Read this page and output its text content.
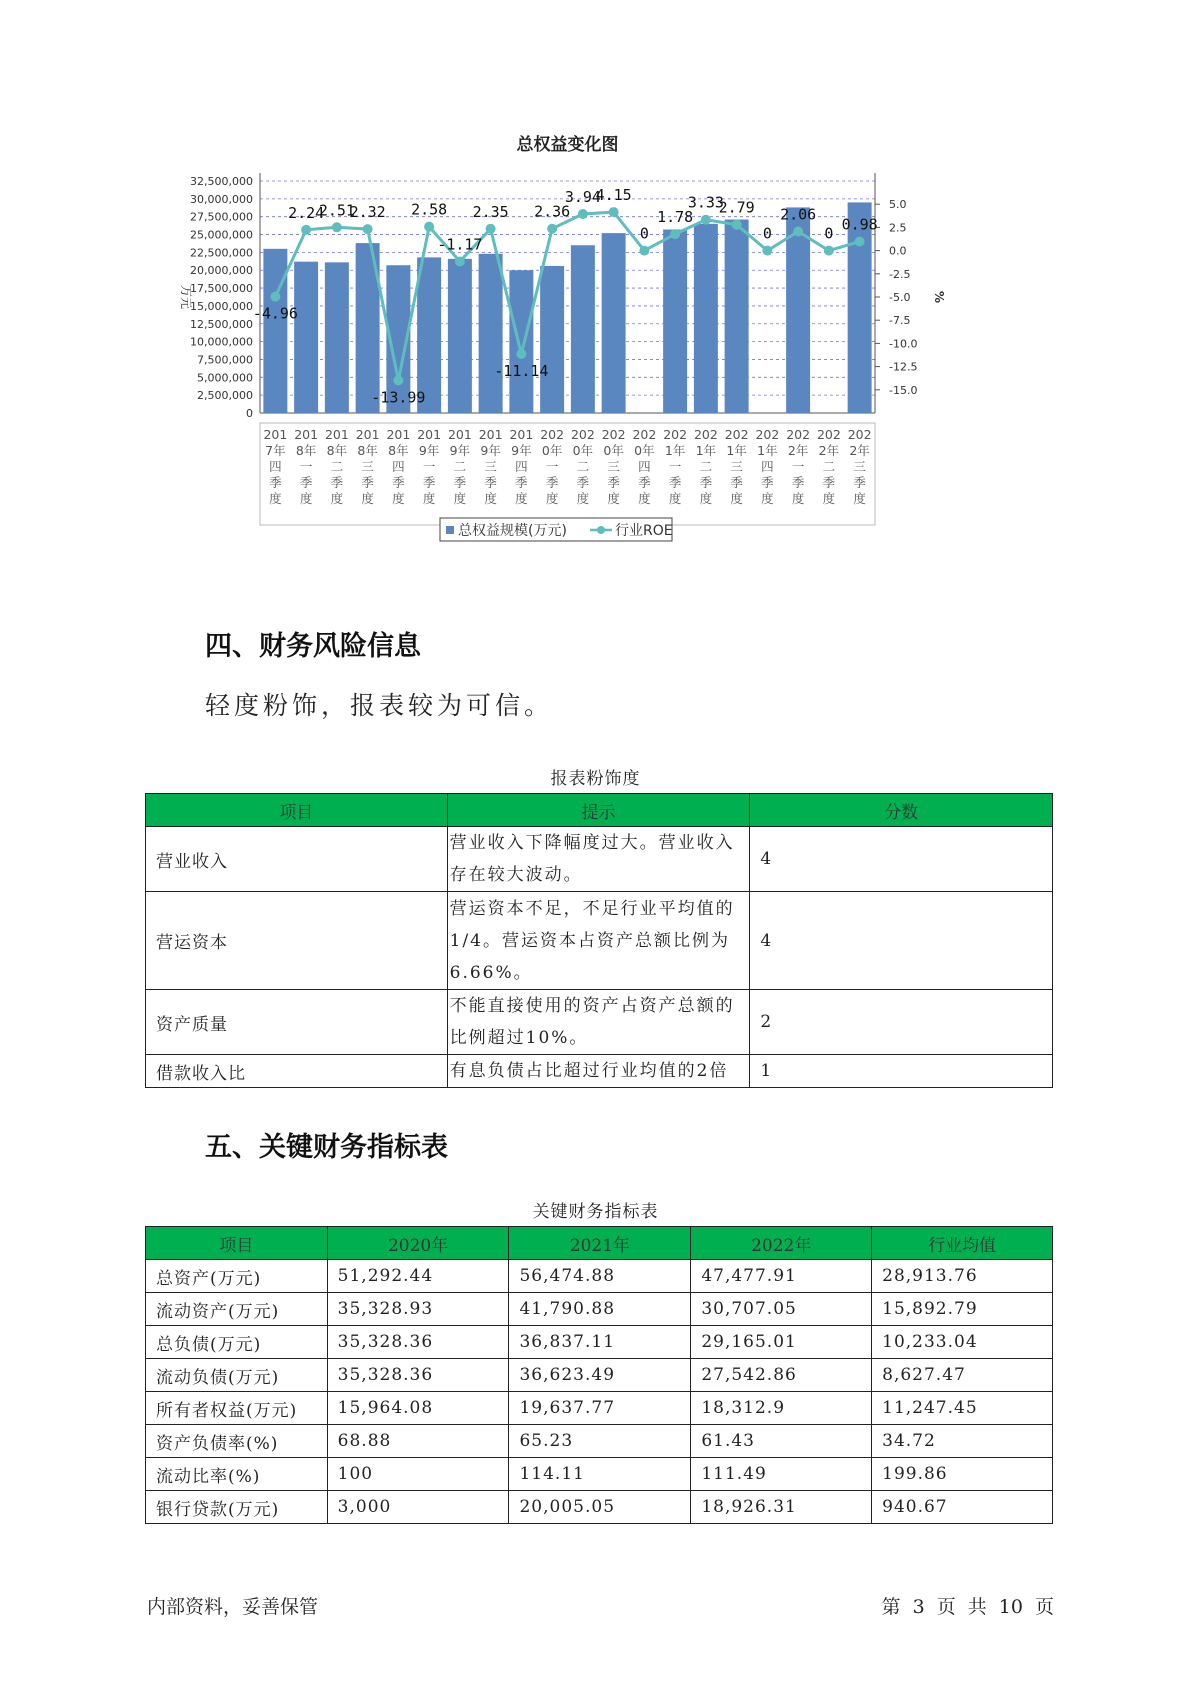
总权益变化图
0
2,500,000
5,000,000
7,500,000
10,000,000
12,500,000
15,000,000
17,500,000
20,000,000
22,500,000
25,000,000
27,500,000
30,000,000
32,500,000
5.0
2.5
0.0
-2.5
-5.0
-7.5
-10.0
-12.5
-15.0
万元	%
201
7年
四
季
度
201
8年
一
季
度
201
8年
二
季
度
201
8年
三
季
度
201
8年
四
季
度
201
9年
一
季
度
201
9年
二
季
度
201
9年
三
季
度
201
9年
四
季
度
202
0年
一
季
度
202
0年
二
季
度
202
0年
三
季
度
202
0年
四
季
度
202
1年
一
季
度
202
1年
二
季
度
202
1年
三
季
度
202
1年
四
季
度
202
2年
一
季
度
202
2年
二
季
度
202
2年
三
季
度
-4.96
2.24
2.51
2.32
-13.99
2.58
-1.17
2.35
-11.14
2.36
3.94
4.15
0
1.78
3.33
2.79
0
2.06
0
0.98
总权益规模(万元)	行业ROE
四、财务风险信息

轻度粉饰，报表较为可信。

报表粉饰度
项目	提示	分数
营业收入	营业收入下降幅度过大。营业收入存在较大波动。	4
营运资本	营运资本不足，不足行业平均值的1/4。营运资本占资产总额比例为6.66%。	4
资产质量	不能直接使用的资产占资产总额的比例超过10%。	2
借款收入比	有息负债占比超过行业均值的2倍	1
五、关键财务指标表
关键财务指标表
项目	2020年	2021年	2022年	行业均值
总资产(万元)	51,292.44	56,474.88	47,477.91	28,913.76
流动资产(万元)	35,328.93	41,790.88	30,707.05	15,892.79
总负债(万元)	35,328.36	36,837.11	29,165.01	10,233.04
流动负债(万元)	35,328.36	36,623.49	27,542.86	8,627.47
所有者权益(万元)	15,964.08	19,637.77	18,312.9	11,247.45
资产负债率(%)	68.88	65.23	61.43	34.72
流动比率(%)	100	114.11	111.49	199.86
银行贷款(万元)	3,000	20,005.05	18,926.31	940.67
内部资料，妥善保管	第 3 页 共 10 页
